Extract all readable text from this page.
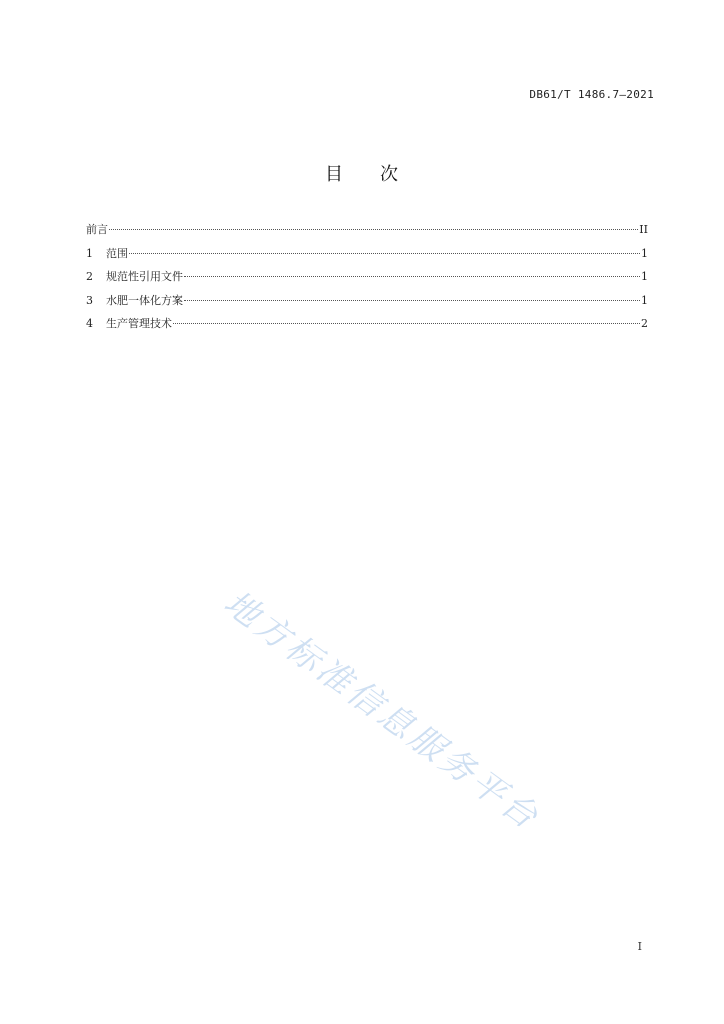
DB61/T 1486.7—2021
目 次
前言	II
1	范围	1
2	规范性引用文件	1
3	水肥一体化方案	1
4	生产管理技术	2
地方标准信息服务平台
I
